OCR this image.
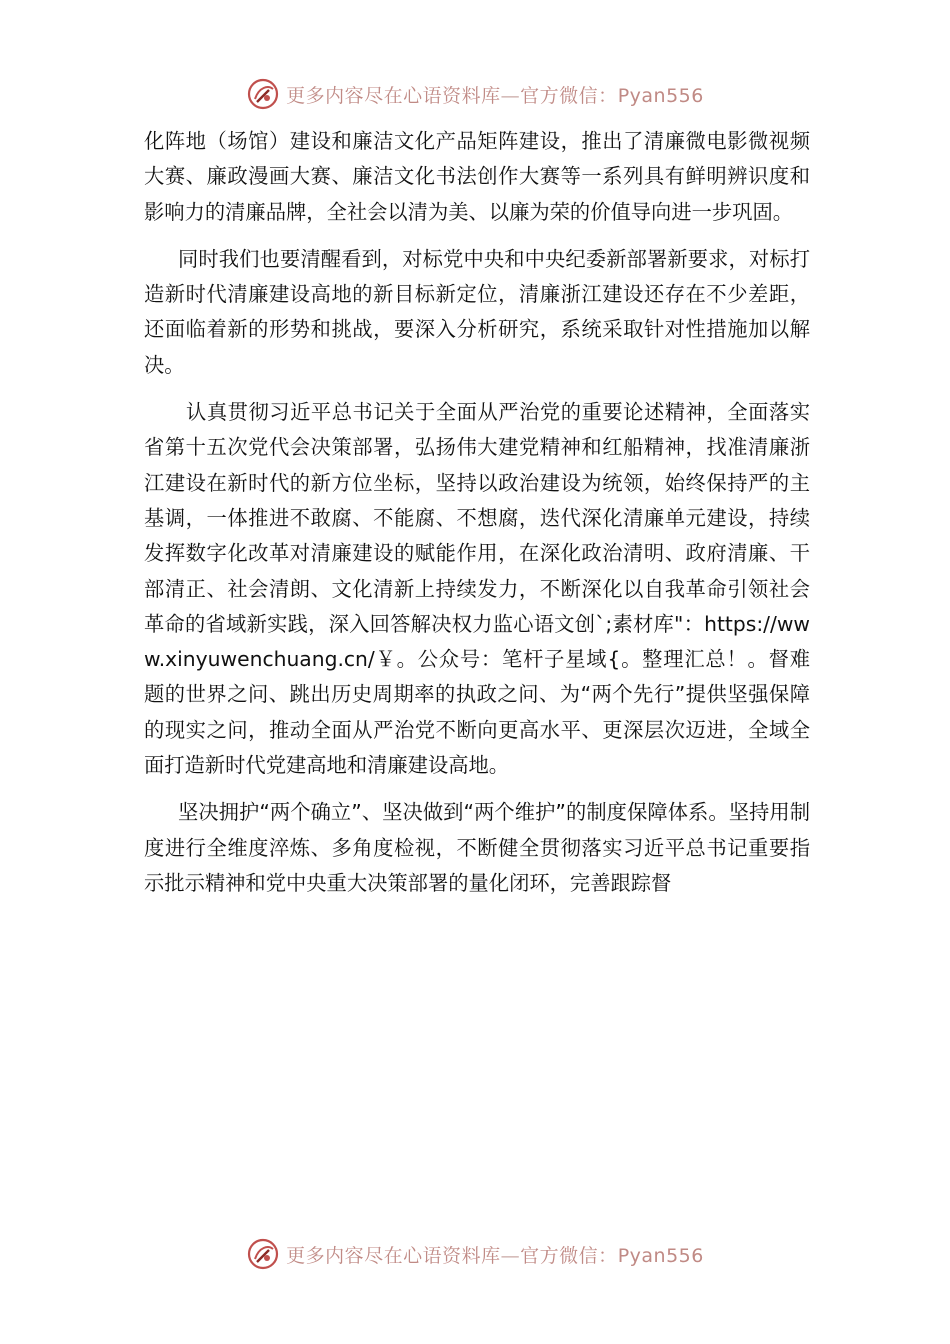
更多内容尽在心语资料库—官方微信：Pyan556

化阵地（场馆）建设和廉洁文化产品矩阵建设，推出了清廉微电影微视频大赛、廉政漫画大赛、廉洁文化书法创作大赛等一系列具有鲜明辨识度和影响力的清廉品牌，全社会以清为美、以廉为荣的价值导向进一步巩固。

同时我们也要清醒看到，对标党中央和中央纪委新部署新要求，对标打造新时代清廉建设高地的新目标新定位，清廉浙江建设还存在不少差距，还面临着新的形势和挑战，要深入分析研究，系统采取针对性措施加以解决。

认真贯彻习近平总书记关于全面从严治党的重要论述精神，全面落实省第十五次党代会决策部署，弘扬伟大建党精神和红船精神，找准清廉浙江建设在新时代的新方位坐标，坚持以政治建设为统领，始终保持严的主基调，一体推进不敢腐、不能腐、不想腐，迭代深化清廉单元建设，持续发挥数字化改革对清廉建设的赋能作用，在深化政治清明、政府清廉、干部清正、社会清朗、文化清新上持续发力，不断深化以自我革命引领社会革命的省域新实践，深入回答解决权力监心语文创`;素材库"：https://www.xinyuwenchuang.cn/￥。公众号：笔杆子星域{。整理汇总！。督难题的世界之问、跳出历史周期率的执政之问、为“两个先行”提供坚强保障的现实之问，推动全面从严治党不断向更高水平、更深层次迈进，全域全面打造新时代党建高地和清廉建设高地。

坚决拥护“两个确立”、坚决做到“两个维护”的制度保障体系。坚持用制度进行全维度淬炼、多角度检视，不断健全贯彻落实习近平总书记重要指示批示精神和党中央重大决策部署的量化闭环，完善跟踪督

更多内容尽在心语资料库—官方微信：Pyan556
